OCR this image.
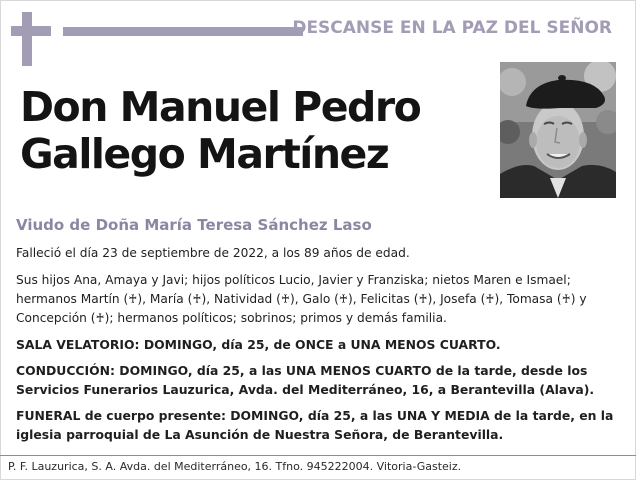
DESCANSE EN LA PAZ DEL SEÑOR
Don Manuel Pedro
Gallego Martínez
Viudo de Doña María Teresa Sánchez Laso

Falleció el día 23 de septiembre de 2022, a los 89 años de edad.

Sus hijos Ana, Amaya y Javi; hijos políticos Lucio, Javier y Franziska; nietos Maren e Ismael; hermanos Martín (♰), María (♰), Natividad (♰), Galo (♰), Felicitas (♰), Josefa (♰), Tomasa (♰) y Concepción (♰); hermanos políticos; sobrinos; primos y demás familia.

SALA VELATORIO: DOMINGO, día 25, de ONCE a UNA MENOS CUARTO.

CONDUCCIÓN: DOMINGO, día 25, a las UNA MENOS CUARTO de la tarde, desde los Servicios Funerarios Lauzurica, Avda. del Mediterráneo, 16, a Berantevilla (Alava).

FUNERAL de cuerpo presente: DOMINGO, día 25, a las UNA Y MEDIA de la tarde, en la iglesia parroquial de La Asunción de Nuestra Señora, de Berantevilla.

P. F. Lauzurica, S. A. Avda. del Mediterráneo, 16. Tfno. 945222004. Vitoria-Gasteiz.
